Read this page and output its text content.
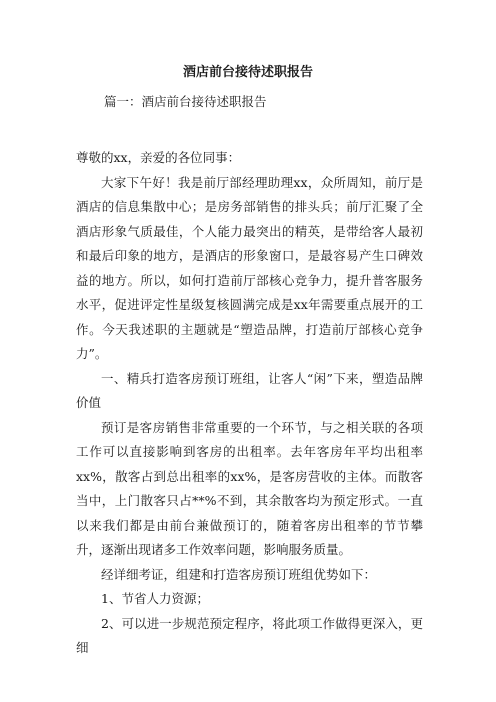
酒店前台接待述职报告
篇一：酒店前台接待述职报告

尊敬的xx，亲爱的各位同事：

大家下午好！我是前厅部经理助理xx，众所周知，前厅是酒店的信息集散中心；是房务部销售的排头兵；前厅汇聚了全酒店形象气质最佳，个人能力最突出的精英，是带给客人最初和最后印象的地方，是酒店的形象窗口，是最容易产生口碑效益的地方。所以，如何打造前厅部核心竞争力，提升普客服务水平，促进评定性星级复核圆满完成是xx年需要重点展开的工作。今天我述职的主题就是“塑造品牌，打造前厅部核心竞争力”。

一、精兵打造客房预订班组，让客人“闲”下来，塑造品牌价值

预订是客房销售非常重要的一个环节，与之相关联的各项工作可以直接影响到客房的出租率。去年客房年平均出租率xx%，散客占到总出租率的xx%，是客房营收的主体。而散客当中，上门散客只占**%不到，其余散客均为预定形式。一直以来我们都是由前台兼做预订的，随着客房出租率的节节攀升，逐渐出现诸多工作效率问题，影响服务质量。

经详细考证，组建和打造客房预订班组优势如下：

1、节省人力资源；

2、可以进一步规范预定程序，将此项工作做得更深入，更细
